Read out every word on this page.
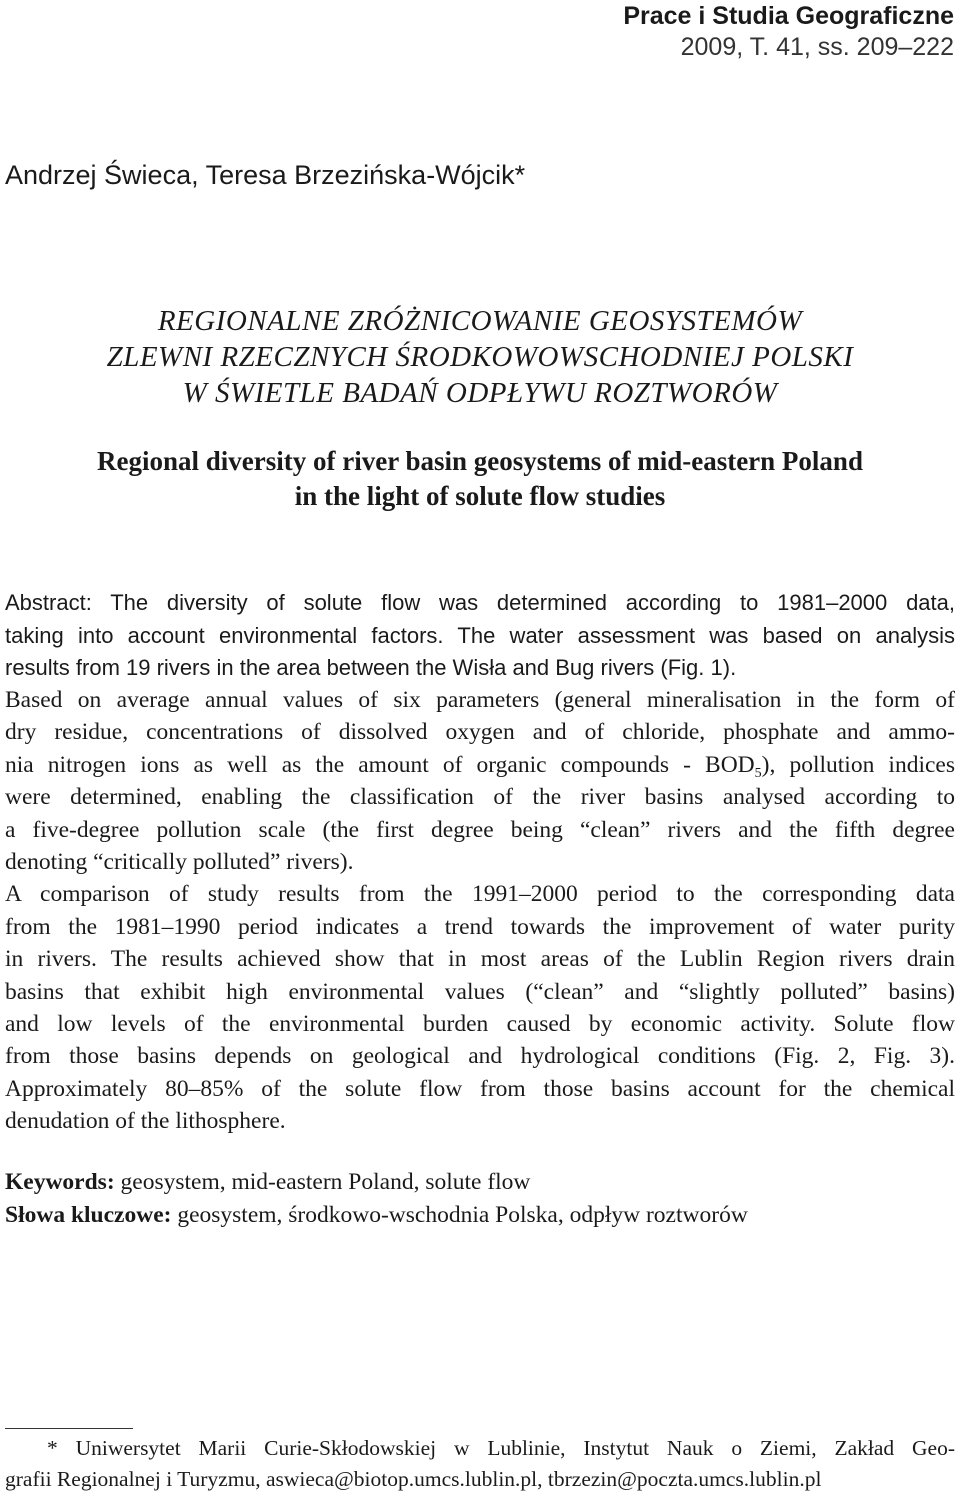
Prace i Studia Geograficzne
2009, T. 41, ss. 209–222
Andrzej Świeca, Teresa Brzezińska-Wójcik*
REGIONALNE ZRÓŻNICOWANIE GEOSYSTEMÓW
ZLEWNI RZECZNYCH ŚRODKOWOWSCHODNIEJ POLSKI
W ŚWIETLE BADAŃ ODPŁYWU ROZTWORÓW
Regional diversity of river basin geosystems of mid-eastern Poland
in the light of solute flow studies
Abstract: The diversity of solute flow was determined according to 1981–2000 data,
taking into account environmental factors. The water assessment was based on analysis
results from 19 rivers in the area between the Wisła and Bug rivers (Fig. 1).
Based on average annual values of six parameters (general mineralisation in the form of
dry residue, concentrations of dissolved oxygen and of chloride, phosphate and ammo-
nia nitrogen ions as well as the amount of organic compounds - $BOD_5$), pollution indices
were determined, enabling the classification of the river basins analysed according to
a five-degree pollution scale (the first degree being “clean” rivers and the fifth degree
denoting “critically polluted” rivers).
A comparison of study results from the 1991–2000 period to the corresponding data
from the 1981–1990 period indicates a trend towards the improvement of water purity
in rivers. The results achieved show that in most areas of the Lublin Region rivers drain
basins that exhibit high environmental values (“clean” and “slightly polluted” basins)
and low levels of the environmental burden caused by economic activity. Solute flow
from those basins depends on geological and hydrological conditions (Fig. 2, Fig. 3).
Approximately 80–85% of the solute flow from those basins account for the chemical
denudation of the lithosphere.
Keywords: geosystem, mid-eastern Poland, solute flow
Słowa kluczowe: geosystem, środkowo-wschodnia Polska, odpływ roztworów
* Uniwersytet Marii Curie-Skłodowskiej w Lublinie, Instytut Nauk o Ziemi, Zakład Geo-
grafii Regionalnej i Turyzmu, aswieca@biotop.umcs.lublin.pl, tbrzezin@poczta.umcs.lublin.pl
